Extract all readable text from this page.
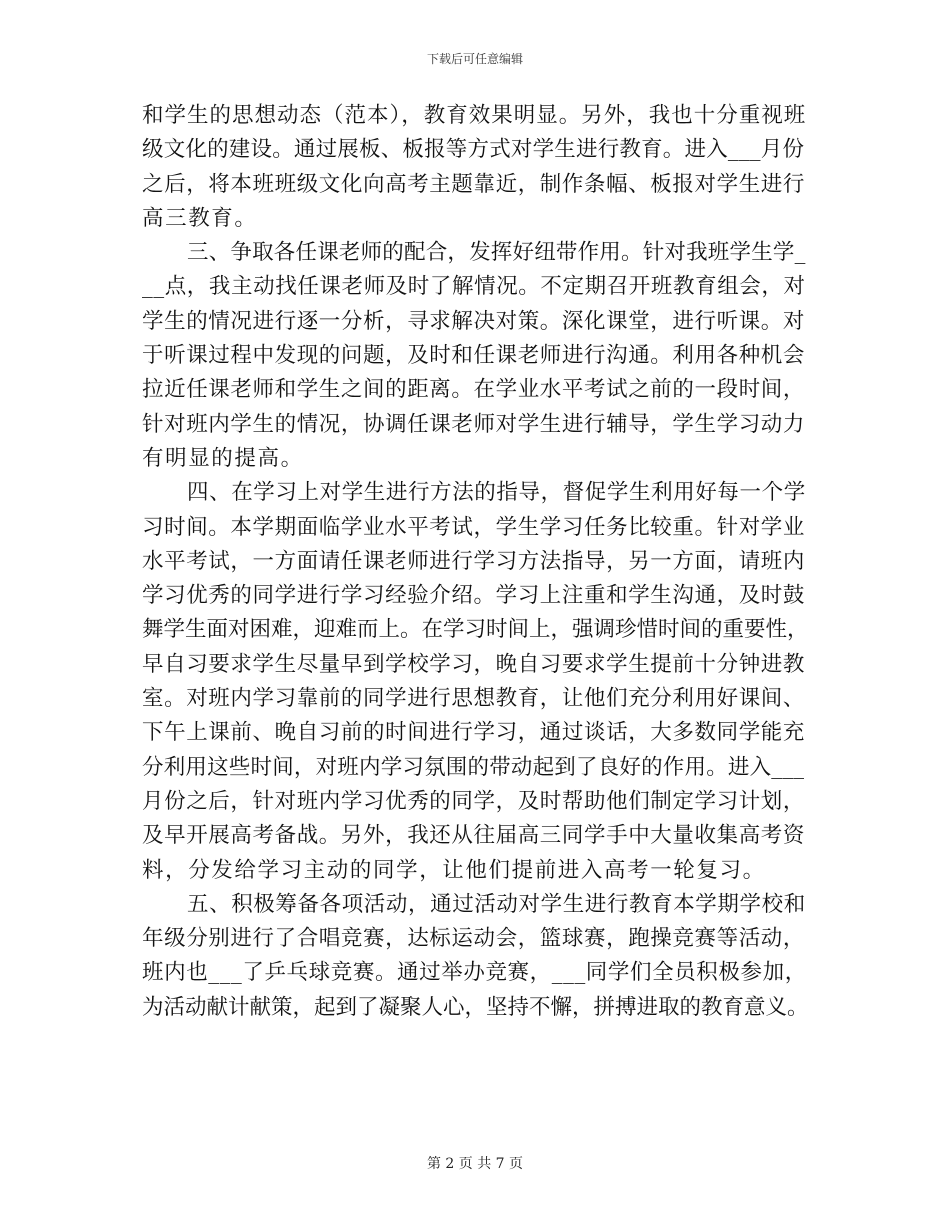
下载后可任意编辑
和学生的思想动态（范本），教育效果明显。另外，我也十分重视班
级文化的建设。通过展板、板报等方式对学生进行教育。进入___月份
之后，将本班班级文化向高考主题靠近，制作条幅、板报对学生进行
高三教育。
三、争取各任课老师的配合，发挥好纽带作用。针对我班学生学_
__点，我主动找任课老师及时了解情况。不定期召开班教育组会，对
学生的情况进行逐一分析，寻求解决对策。深化课堂，进行听课。对
于听课过程中发现的问题，及时和任课老师进行沟通。利用各种机会
拉近任课老师和学生之间的距离。在学业水平考试之前的一段时间，
针对班内学生的情况，协调任课老师对学生进行辅导，学生学习动力
有明显的提高。
四、在学习上对学生进行方法的指导，督促学生利用好每一个学
习时间。本学期面临学业水平考试，学生学习任务比较重。针对学业
水平考试，一方面请任课老师进行学习方法指导，另一方面，请班内
学习优秀的同学进行学习经验介绍。学习上注重和学生沟通，及时鼓
舞学生面对困难，迎难而上。在学习时间上，强调珍惜时间的重要性，
早自习要求学生尽量早到学校学习，晚自习要求学生提前十分钟进教
室。对班内学习靠前的同学进行思想教育，让他们充分利用好课间、
下午上课前、晚自习前的时间进行学习，通过谈话，大多数同学能充
分利用这些时间，对班内学习氛围的带动起到了良好的作用。进入___
月份之后，针对班内学习优秀的同学，及时帮助他们制定学习计划，
及早开展高考备战。另外，我还从往届高三同学手中大量收集高考资
料，分发给学习主动的同学，让他们提前进入高考一轮复习。
五、积极筹备各项活动，通过活动对学生进行教育本学期学校和
年级分别进行了合唱竞赛，达标运动会，篮球赛，跑操竞赛等活动，
班内也___了乒乓球竞赛。通过举办竞赛，___同学们全员积极参加，
为活动献计献策，起到了凝聚人心，坚持不懈，拼搏进取的教育意义。
第 2 页 共 7 页
